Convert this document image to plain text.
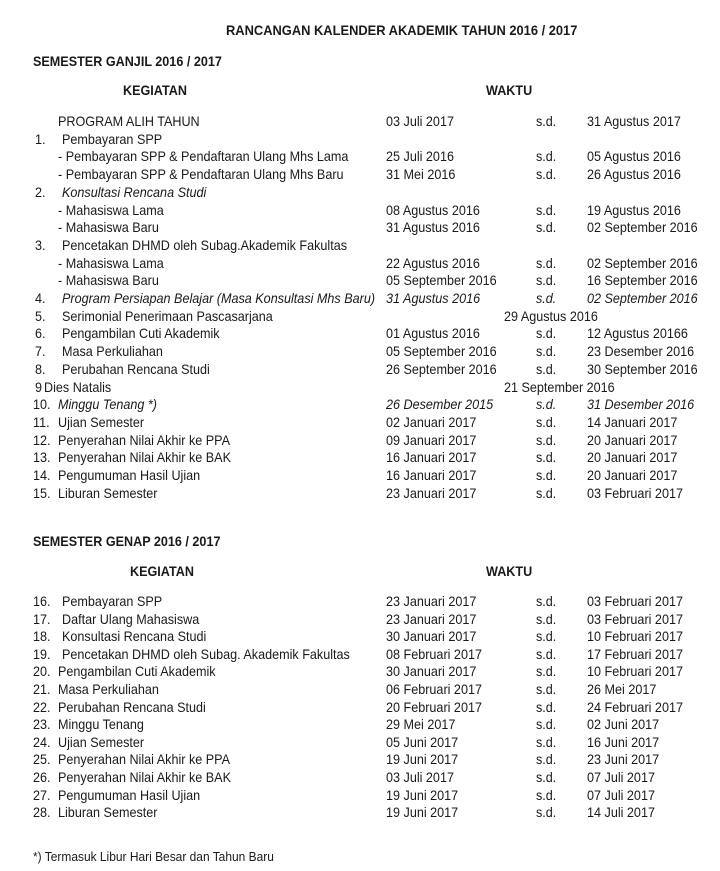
RANCANGAN KALENDER AKADEMIK TAHUN 2016 / 2017
SEMESTER GANJIL 2016 / 2017
KEGIATAN	WAKTU
PROGRAM ALIH TAHUN	03 Juli 2017	s.d. 31 Agustus 2017
1. Pembayaran SPP
- Pembayaran SPP & Pendaftaran Ulang Mhs Lama	25 Juli 2016	s.d. 05 Agustus 2016
- Pembayaran SPP & Pendaftaran Ulang Mhs Baru	31 Mei 2016	s.d. 26 Agustus 2016
2. Konsultasi Rencana Studi
- Mahasiswa Lama	08 Agustus 2016	s.d. 19 Agustus 2016
- Mahasiswa Baru	31 Agustus 2016	s.d. 02 September 2016
3. Pencetakan DHMD oleh Subag.Akademik Fakultas
- Mahasiswa Lama	22 Agustus 2016	s.d. 02 September 2016
- Mahasiswa Baru	05 September 2016	s.d. 16 September 2016
4. Program Persiapan Belajar (Masa Konsultasi Mhs Baru) 31 Agustus 2016	s.d. 02 September 2016
5. Serimonial Penerimaan Pascasarjana	29 Agustus 2016
6. Pengambilan Cuti Akademik	01 Agustus 2016	s.d. 12 Agustus 20166
7. Masa Perkuliahan	05 September 2016	s.d. 23 Desember 2016
8. Perubahan Rencana Studi	26 September 2016	s.d. 30 September 2016
9 Dies Natalis	21 September 2016
10. Minggu Tenang *)	26 Desember 2015	s.d. 31 Desember 2016
11. Ujian Semester	02 Januari 2017	s.d. 14 Januari 2017
12. Penyerahan Nilai Akhir ke PPA	09 Januari 2017	s.d. 20 Januari 2017
13. Penyerahan Nilai Akhir ke BAK	16 Januari 2017	s.d. 20 Januari 2017
14. Pengumuman Hasil Ujian	16 Januari 2017	s.d. 20 Januari 2017
15. Liburan Semester	23 Januari 2017	s.d. 03 Februari 2017
SEMESTER GENAP 2016 / 2017
KEGIATAN	WAKTU
16. Pembayaran SPP	23 Januari 2017	s.d. 03 Februari 2017
17. Daftar Ulang Mahasiswa	23 Januari 2017	s.d. 03 Februari 2017
18. Konsultasi Rencana Studi	30 Januari 2017	s.d. 10 Februari 2017
19. Pencetakan DHMD oleh Subag. Akademik Fakultas	08 Februari 2017	s.d. 17 Februari 2017
20. Pengambilan Cuti Akademik	30 Januari 2017	s.d. 10 Februari 2017
21. Masa Perkuliahan	06 Februari 2017	s.d. 26 Mei 2017
22. Perubahan Rencana Studi	20 Februari 2017	s.d. 24 Februari 2017
23. Minggu Tenang	29 Mei 2017	s.d. 02 Juni 2017
24. Ujian Semester	05 Juni 2017	s.d. 16 Juni 2017
25. Penyerahan Nilai Akhir ke PPA	19 Juni 2017	s.d. 23 Juni 2017
26. Penyerahan Nilai Akhir ke BAK	03 Juli 2017	s.d. 07 Juli 2017
27. Pengumuman Hasil Ujian	19 Juni 2017	s.d. 07 Juli 2017
28. Liburan Semester	19 Juni 2017	s.d. 14 Juli 2017
*) Termasuk Libur Hari Besar dan Tahun Baru
